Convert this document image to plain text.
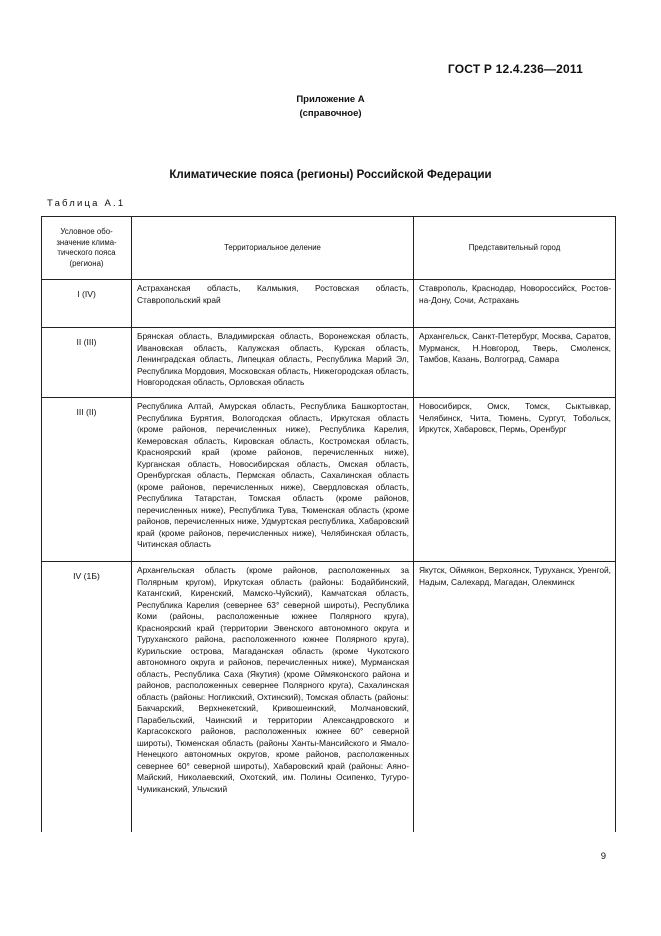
ГОСТ Р 12.4.236—2011
Приложение А
(справочное)
Климатические пояса (регионы) Российской Федерации
Таблица А.1
Условное обозначение климатического пояса (региона)	Территориальное деление	Представительный город
I (IV)	Астраханская область, Калмыкия, Ростовская область, Ставропольский край	Ставрополь, Краснодар, Новороссийск, Ростов-на-Дону, Сочи, Астрахань
II (III)	Брянская область, Владимирская область, Воронежская область, Ивановская область, Калужская область, Курская область, Ленинградская область, Липецкая область, Республика Марий Эл, Республика Мордовия, Московская область, Нижегородская область, Новгородская область, Орловская область	Архангельск, Санкт-Петербург, Москва, Саратов, Мурманск, Н.Новгород, Тверь, Смоленск, Тамбов, Казань, Волгоград, Самара
III (II)	Республика Алтай, Амурская область, Республика Башкортостан, Республика Бурятия, Вологодская область, Иркутская область (кроме районов, перечисленных ниже), Республика Карелия, Кемеровская область, Кировская область, Костромская область, Красноярский край (кроме районов, перечисленных ниже), Курганская область, Новосибирская область, Омская область, Оренбургская область, Пермская область, Сахалинская область (кроме районов, перечисленных ниже), Свердловская область, Республика Татарстан, Томская область (кроме районов, перечисленных ниже), Республика Тува, Тюменская область (кроме районов, перечисленных ниже, Удмуртская республика, Хабаровский край (кроме районов, перечисленных ниже), Челябинская область, Читинская область	Новосибирск, Омск, Томск, Сыктывкар, Челябинск, Чита, Тюмень, Сургут, Тобольск, Иркутск, Хабаровск, Пермь, Оренбург
IV (1Б)	Архангельская область (кроме районов, расположенных за Полярным кругом), Иркутская область (районы: Бодайбинский, Катангский, Киренский, Мамско-Чуйский), Камчатская область, Республика Карелия (севернее 63° северной широты), Республика Коми (районы, расположенные южнее Полярного круга), Красноярский край (территории Эвенского автономного округа и Туруханского района, расположенного южнее Полярного круга), Курильские острова, Магаданская область (кроме Чукотского автономного округа и районов, перечисленных ниже), Мурманская область, Республика Саха (Якутия) (кроме Оймяконского района и районов, расположенных севернее Полярного круга), Сахалинская область (районы: Ногликский, Охтинский), Томская область (районы: Бакчарский, Верхнекетский, Кривошеинский, Молчановский, Парабельский, Чаинский и территории Александровского и Каргасокского районов, расположенных южнее 60° северной широты), Тюменская область (районы Ханты-Мансийского и Ямало-Ненецкого автономных округов, кроме районов, расположенных севернее 60° северной широты), Хабаровский край (районы: Аяно-Майский, Николаевский, Охотский, им. Полины Осипенко, Тугуро-Чумиканский, Ульчский	Якутск, Оймякон, Верхоянск, Туруханск, Уренгой, Надым, Салехард, Магадан, Олекминск
9
